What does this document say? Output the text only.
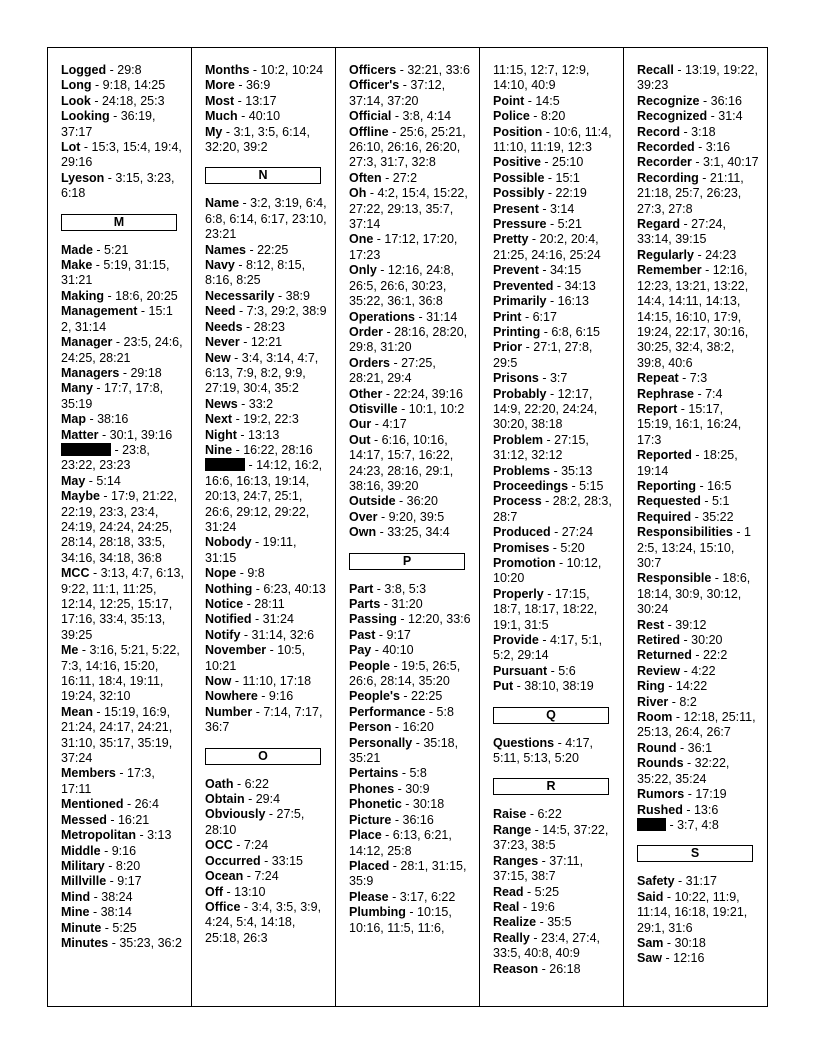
Logged - 29:8

Long - 9:18, 14:25

Look - 24:18, 25:3

Looking - 36:19, 37:17

Lot - 15:3, 15:4, 19:4, 29:16

Lyeson - 3:15, 3:23, 6:18

M

Made - 5:21

Make - 5:19, 31:15, 31:21

Making - 18:6, 20:25

Management - 15:1 2, 31:14

Manager - 23:5, 24:6, 24:25, 28:21

Managers - 29:18

Many - 17:7, 17:8, 35:19

Map - 38:16

Matter - 30:1, 39:16

- 23:8, 23:22, 23:23

May - 5:14

Maybe - 17:9, 21:22, 22:19, 23:3, 23:4, 24:19, 24:24, 24:25, 28:14, 28:18, 33:5, 34:16, 34:18, 36:8

MCC - 3:13, 4:7, 6:13, 9:22, 11:1, 11:25, 12:14, 12:25, 15:17, 17:16, 33:4, 35:13, 39:25

Me - 3:16, 5:21, 5:22, 7:3, 14:16, 15:20, 16:11, 18:4, 19:11, 19:24, 32:10

Mean - 15:19, 16:9, 21:24, 24:17, 24:21, 31:10, 35:17, 35:19, 37:24

Members - 17:3, 17:11

Mentioned - 26:4

Messed - 16:21

Metropolitan - 3:13

Middle - 9:16

Military - 8:20

Millville - 9:17

Mind - 38:24

Mine - 38:14

Minute - 5:25

Minutes - 35:23, 36:2

Months - 10:2, 10:24

More - 36:9

Most - 13:17

Much - 40:10

My - 3:1, 3:5, 6:14, 32:20, 39:2

N

Name - 3:2, 3:19, 6:4, 6:8, 6:14, 6:17, 23:10, 23:21

Names - 22:25

Navy - 8:12, 8:15, 8:16, 8:25

Necessarily - 38:9

Need - 7:3, 29:2, 38:9

Needs - 28:23

Never - 12:21

New - 3:4, 3:14, 4:7, 6:13, 7:9, 8:2, 9:9, 27:19, 30:4, 35:2

News - 33:2

Next - 19:2, 22:3

Night - 13:13

Nine - 16:22, 28:16

- 14:12, 16:2, 16:6, 16:13, 19:14, 20:13, 24:7, 25:1, 26:6, 29:12, 29:22, 31:24

Nobody - 19:11, 31:15

Nope - 9:8

Nothing - 6:23, 40:13

Notice - 28:11

Notified - 31:24

Notify - 31:14, 32:6

November - 10:5, 10:21

Now - 11:10, 17:18

Nowhere - 9:16

Number - 7:14, 7:17, 36:7

O

Oath - 6:22

Obtain - 29:4

Obviously - 27:5, 28:10

OCC - 7:24

Occurred - 33:15

Ocean - 7:24

Off - 13:10

Office - 3:4, 3:5, 3:9, 4:24, 5:4, 14:18, 25:18, 26:3

Officers - 32:21, 33:6

Officer's - 37:12, 37:14, 37:20

Official - 3:8, 4:14

Offline - 25:6, 25:21, 26:10, 26:16, 26:20, 27:3, 31:7, 32:8

Often - 27:2

Oh - 4:2, 15:4, 15:22, 27:22, 29:13, 35:7, 37:14

One - 17:12, 17:20, 17:23

Only - 12:16, 24:8, 26:5, 26:6, 30:23, 35:22, 36:1, 36:8

Operations - 31:14

Order - 28:16, 28:20, 29:8, 31:20

Orders - 27:25, 28:21, 29:4

Other - 22:24, 39:16

Otisville - 10:1, 10:2

Our - 4:17

Out - 6:16, 10:16, 14:17, 15:7, 16:22, 24:23, 28:16, 29:1, 38:16, 39:20

Outside - 36:20

Over - 9:20, 39:5

Own - 33:25, 34:4

P

Part - 3:8, 5:3

Parts - 31:20

Passing - 12:20, 33:6

Past - 9:17

Pay - 40:10

People - 19:5, 26:5, 26:6, 28:14, 35:20

People's - 22:25

Performance - 5:8

Person - 16:20

Personally - 35:18, 35:21

Pertains - 5:8

Phones - 30:9

Phonetic - 30:18

Picture - 36:16

Place - 6:13, 6:21, 14:12, 25:8

Placed - 28:1, 31:15, 35:9

Please - 3:17, 6:22

Plumbing - 10:15, 10:16, 11:5, 11:6,

11:15, 12:7, 12:9, 14:10, 40:9

Point - 14:5

Police - 8:20

Position - 10:6, 11:4, 11:10, 11:19, 12:3

Positive - 25:10

Possible - 15:1

Possibly - 22:19

Present - 3:14

Pressure - 5:21

Pretty - 20:2, 20:4, 21:25, 24:16, 25:24

Prevent - 34:15

Prevented - 34:13

Primarily - 16:13

Print - 6:17

Printing - 6:8, 6:15

Prior - 27:1, 27:8, 29:5

Prisons - 3:7

Probably - 12:17, 14:9, 22:20, 24:24, 30:20, 38:18

Problem - 27:15, 31:12, 32:12

Problems - 35:13

Proceedings - 5:15

Process - 28:2, 28:3, 28:7

Produced - 27:24

Promises - 5:20

Promotion - 10:12, 10:20

Properly - 17:15, 18:7, 18:17, 18:22, 19:1, 31:5

Provide - 4:17, 5:1, 5:2, 29:14

Pursuant - 5:6

Put - 38:10, 38:19

Q

Questions - 4:17, 5:11, 5:13, 5:20

R

Raise - 6:22

Range - 14:5, 37:22, 37:23, 38:5

Ranges - 37:11, 37:15, 38:7

Read - 5:25

Real - 19:6

Realize - 35:5

Really - 23:4, 27:4, 33:5, 40:8, 40:9

Reason - 26:18

Recall - 13:19, 19:22, 39:23

Recognize - 36:16

Recognized - 31:4

Record - 3:18

Recorded - 3:16

Recorder - 3:1, 40:17

Recording - 21:11, 21:18, 25:7, 26:23, 27:3, 27:8

Regard - 27:24, 33:14, 39:15

Regularly - 24:23

Remember - 12:16, 12:23, 13:21, 13:22, 14:4, 14:11, 14:13, 14:15, 16:10, 17:9, 19:24, 22:17, 30:16, 30:25, 32:4, 38:2, 39:8, 40:6

Repeat - 7:3

Rephrase - 7:4

Report - 15:17, 15:19, 16:1, 16:24, 17:3

Reported - 18:25, 19:14

Reporting - 16:5

Requested - 5:1

Required - 35:22

Responsibilities - 1 2:5, 13:24, 15:10, 30:7

Responsible - 18:6, 18:14, 30:9, 30:12, 30:24

Rest - 39:12

Retired - 30:20

Returned - 22:2

Review - 4:22

Ring - 14:22

River - 8:2

Room - 12:18, 25:11, 25:13, 26:4, 26:7

Round - 36:1

Rounds - 32:22, 35:22, 35:24

Rumors - 17:19

Rushed - 13:6

- 3:7, 4:8

S

Safety - 31:17

Said - 10:22, 11:9, 11:14, 16:18, 19:21, 29:1, 31:6

Sam - 30:18

Saw - 12:16
